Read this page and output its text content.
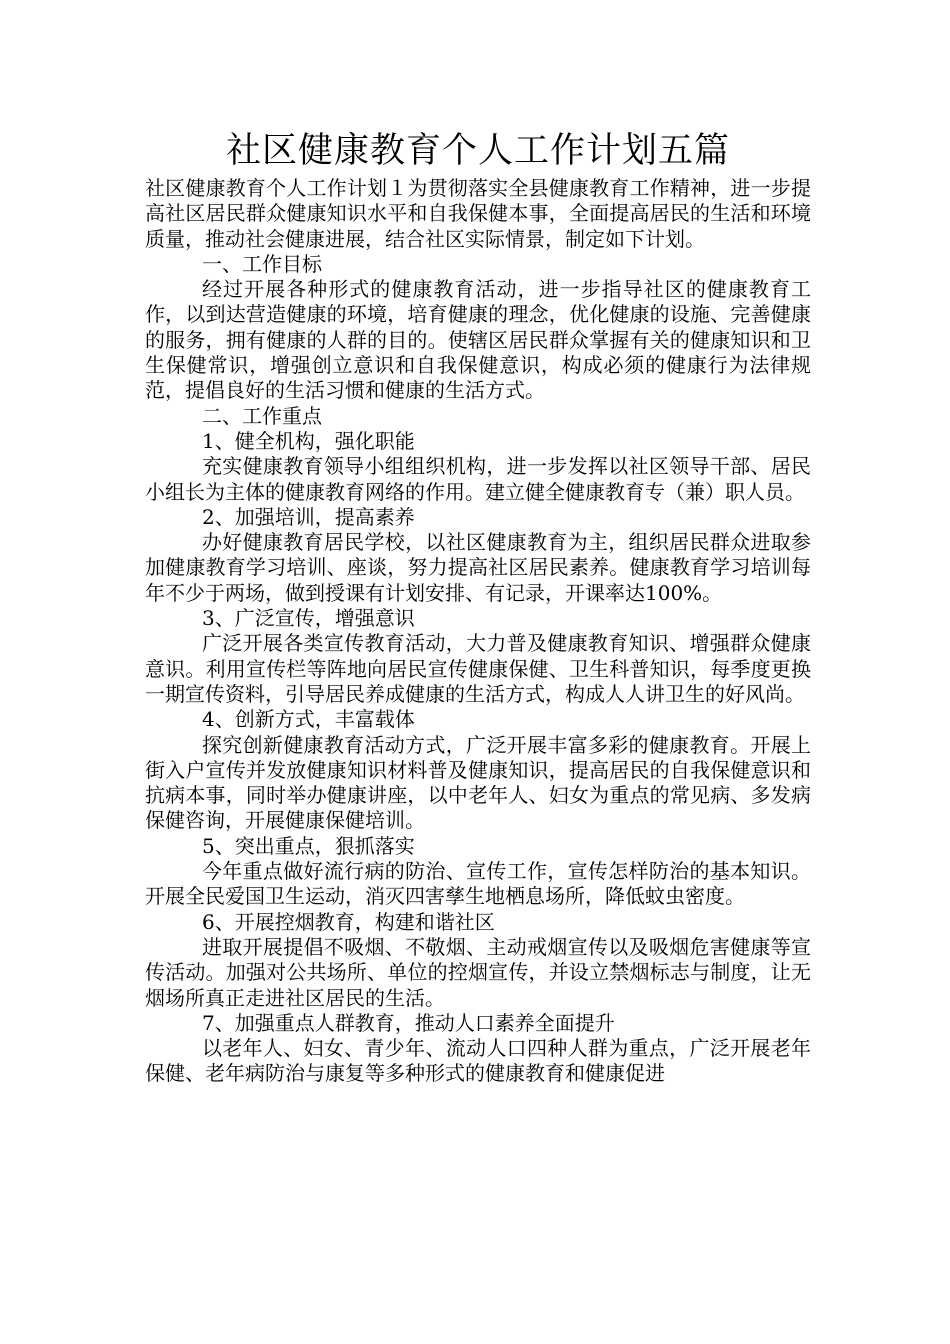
社区健康教育个人工作计划五篇

社区健康教育个人工作计划１为贯彻落实全县健康教育工作精神，进一步提高社区居民群众健康知识水平和自我保健本事，全面提高居民的生活和环境质量，推动社会健康进展，结合社区实际情景，制定如下计划。

一、工作目标

经过开展各种形式的健康教育活动，进一步指导社区的健康教育工作，以到达营造健康的环境，培育健康的理念，优化健康的设施、完善健康的服务，拥有健康的人群的目的。使辖区居民群众掌握有关的健康知识和卫生保健常识，增强创立意识和自我保健意识，构成必须的健康行为法律规范，提倡良好的生活习惯和健康的生活方式。

二、工作重点

1、健全机构，强化职能

充实健康教育领导小组组织机构，进一步发挥以社区领导干部、居民小组长为主体的健康教育网络的作用。建立健全健康教育专（兼）职人员。

2、加强培训，提高素养

办好健康教育居民学校，以社区健康教育为主，组织居民群众进取参加健康教育学习培训、座谈，努力提高社区居民素养。健康教育学习培训每年不少于两场，做到授课有计划安排、有记录，开课率达100%。

3、广泛宣传，增强意识

广泛开展各类宣传教育活动，大力普及健康教育知识、增强群众健康意识。利用宣传栏等阵地向居民宣传健康保健、卫生科普知识，每季度更换一期宣传资料，引导居民养成健康的生活方式，构成人人讲卫生的好风尚。

4、创新方式，丰富载体

探究创新健康教育活动方式，广泛开展丰富多彩的健康教育。开展上街入户宣传并发放健康知识材料普及健康知识，提高居民的自我保健意识和抗病本事，同时举办健康讲座，以中老年人、妇女为重点的常见病、多发病保健咨询，开展健康保健培训。

5、突出重点，狠抓落实

今年重点做好流行病的防治、宣传工作，宣传怎样防治的基本知识。开展全民爱国卫生运动，消灭四害孳生地栖息场所，降低蚊虫密度。

6、开展控烟教育，构建和谐社区

进取开展提倡不吸烟、不敬烟、主动戒烟宣传以及吸烟危害健康等宣传活动。加强对公共场所、单位的控烟宣传，并设立禁烟标志与制度，让无烟场所真正走进社区居民的生活。

7、加强重点人群教育，推动人口素养全面提升

以老年人、妇女、青少年、流动人口四种人群为重点，广泛开展老年保健、老年病防治与康复等多种形式的健康教育和健康促进
